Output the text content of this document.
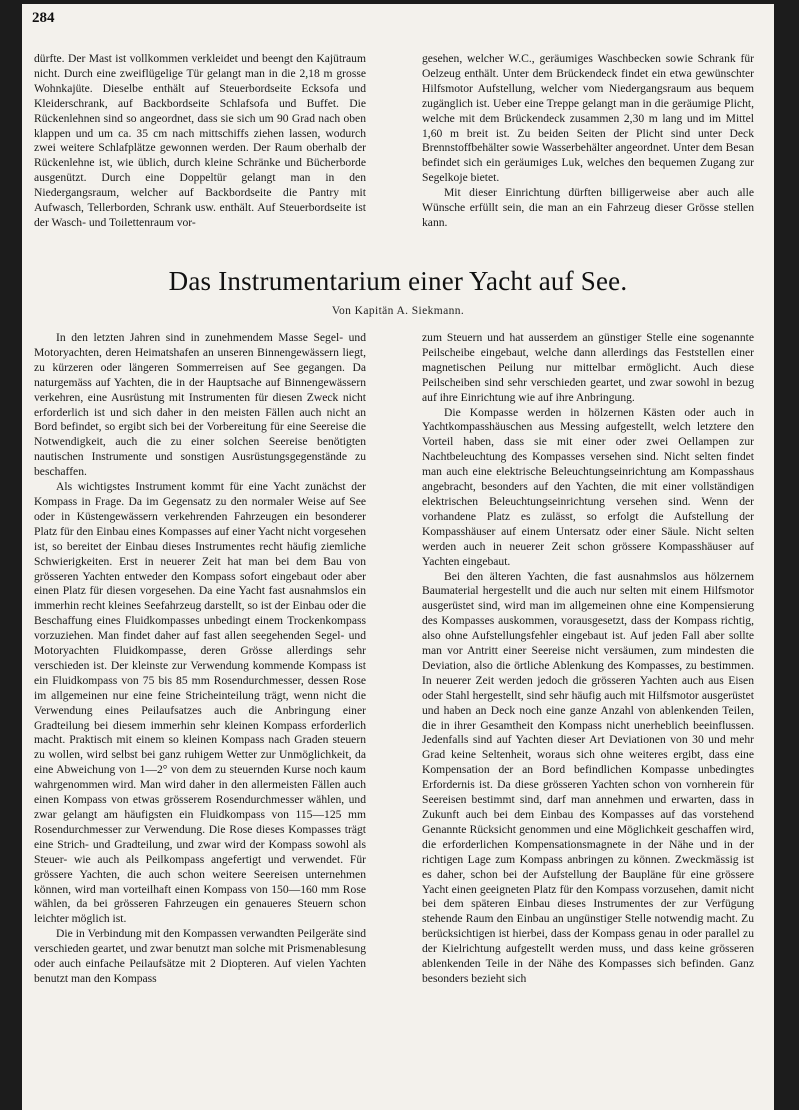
284

dürfte. Der Mast ist vollkommen verkleidet und beengt den Kajütraum nicht. Durch eine zweiflügelige Tür gelangt man in die 2,18 m grosse Wohnkajüte. Dieselbe enthält auf Steuerbordseite Ecksofa und Kleiderschrank, auf Backbordseite Schlafsofa und Buffet. Die Rückenlehnen sind so angeordnet, dass sie sich um 90 Grad nach oben klappen und um ca. 35 cm nach mittschiffs ziehen lassen, wodurch zwei weitere Schlafplätze gewonnen werden. Der Raum oberhalb der Rückenlehne ist, wie üblich, durch kleine Schränke und Bücherborde ausgenützt. Durch eine Doppeltür gelangt man in den Niedergangsraum, welcher auf Backbordseite die Pantry mit Aufwasch, Tellerborden, Schrank usw. enthält. Auf Steuerbordseite ist der Wasch- und Toilettenraum vor-

gesehen, welcher W.C., geräumiges Waschbecken sowie Schrank für Oelzeug enthält. Unter dem Brückendeck findet ein etwa gewünschter Hilfsmotor Aufstellung, welcher vom Niedergangsraum aus bequem zugänglich ist. Ueber eine Treppe gelangt man in die geräumige Plicht, welche mit dem Brückendeck zusammen 2,30 m lang und im Mittel 1,60 m breit ist. Zu beiden Seiten der Plicht sind unter Deck Brennstoffbehälter sowie Wasserbehälter angeordnet. Unter dem Besan befindet sich ein geräumiges Luk, welches den bequemen Zugang zur Segelkoje bietet.

Mit dieser Einrichtung dürften billigerweise aber auch alle Wünsche erfüllt sein, die man an ein Fahrzeug dieser Grösse stellen kann.

Das Instrumentarium einer Yacht auf See.
Von Kapitän A. Siekmann.

In den letzten Jahren sind in zunehmendem Masse Segel- und Motoryachten, deren Heimatshafen an unseren Binnengewässern liegt, zu kürzeren oder längeren Sommerreisen auf See gegangen. Da naturgemäss auf Yachten, die in der Hauptsache auf Binnengewässern verkehren, eine Ausrüstung mit Instrumenten für diesen Zweck nicht erforderlich ist und sich daher in den meisten Fällen auch nicht an Bord befindet, so ergibt sich bei der Vorbereitung für eine Seereise die Notwendigkeit, auch die zu einer solchen Seereise benötigten nautischen Instrumente und sonstigen Ausrüstungsgegenstände zu beschaffen.

Als wichtigstes Instrument kommt für eine Yacht zunächst der Kompass in Frage. Da im Gegensatz zu den normaler Weise auf See oder in Küstengewässern verkehrenden Fahrzeugen ein besonderer Platz für den Einbau eines Kompasses auf einer Yacht nicht vorgesehen ist, so bereitet der Einbau dieses Instrumentes recht häufig ziemliche Schwierigkeiten. Erst in neuerer Zeit hat man bei dem Bau von grösseren Yachten entweder den Kompass sofort eingebaut oder aber einen Platz für diesen vorgesehen. Da eine Yacht fast ausnahmslos ein immerhin recht kleines Seefahrzeug darstellt, so ist der Einbau oder die Beschaffung eines Fluidkompasses unbedingt einem Trockenkompass vorzuziehen. Man findet daher auf fast allen seegehenden Segel- und Motoryachten Fluidkompasse, deren Grösse allerdings sehr verschieden ist. Der kleinste zur Verwendung kommende Kompass ist ein Fluidkompass von 75 bis 85 mm Rosendurchmesser, dessen Rose im allgemeinen nur eine feine Stricheinteilung trägt, wenn nicht die Verwendung eines Peilaufsatzes auch die Anbringung einer Gradteilung bei diesem immerhin sehr kleinen Kompass erforderlich macht. Praktisch mit einem so kleinen Kompass nach Graden steuern zu wollen, wird selbst bei ganz ruhigem Wetter zur Unmöglichkeit, da eine Abweichung von 1—2° von dem zu steuernden Kurse noch kaum wahrgenommen wird. Man wird daher in den allermeisten Fällen auch einen Kompass von etwas grösserem Rosendurchmesser wählen, und zwar gelangt am häufigsten ein Fluidkompass von 115—125 mm Rosendurchmesser zur Verwendung. Die Rose dieses Kompasses trägt eine Strich- und Gradteilung, und zwar wird der Kompass sowohl als Steuer- wie auch als Peilkompass angefertigt und verwendet. Für grössere Yachten, die auch schon weitere Seereisen unternehmen können, wird man vorteilhaft einen Kompass von 150—160 mm Rose wählen, da bei grösseren Fahrzeugen ein genaueres Steuern schon leichter möglich ist.

Die in Verbindung mit den Kompassen verwandten Peilgeräte sind verschieden geartet, und zwar benutzt man solche mit Prismenablesung oder auch einfache Peilaufsätze mit 2 Diopteren. Auf vielen Yachten benutzt man den Kompass

zum Steuern und hat ausserdem an günstiger Stelle eine sogenannte Peilscheibe eingebaut, welche dann allerdings das Feststellen einer magnetischen Peilung nur mittelbar ermöglicht. Auch diese Peilscheiben sind sehr verschieden geartet, und zwar sowohl in bezug auf ihre Einrichtung wie auf ihre Anbringung.

Die Kompasse werden in hölzernen Kästen oder auch in Yachtkompasshäuschen aus Messing aufgestellt, welch letztere den Vorteil haben, dass sie mit einer oder zwei Oellampen zur Nachtbeleuchtung des Kompasses versehen sind. Nicht selten findet man auch eine elektrische Beleuchtungseinrichtung am Kompasshaus angebracht, besonders auf den Yachten, die mit einer vollständigen elektrischen Beleuchtungseinrichtung versehen sind. Wenn der vorhandene Platz es zulässt, so erfolgt die Aufstellung der Kompasshäuser auf einem Untersatz oder einer Säule. Nicht selten werden auch in neuerer Zeit schon grössere Kompasshäuser auf Yachten eingebaut.

Bei den älteren Yachten, die fast ausnahmslos aus hölzernem Baumaterial hergestellt und die auch nur selten mit einem Hilfsmotor ausgerüstet sind, wird man im allgemeinen ohne eine Kompensierung des Kompasses auskommen, vorausgesetzt, dass der Kompass richtig, also ohne Aufstellungsfehler eingebaut ist. Auf jeden Fall aber sollte man vor Antritt einer Seereise nicht versäumen, zum mindesten die Deviation, also die örtliche Ablenkung des Kompasses, zu bestimmen. In neuerer Zeit werden jedoch die grösseren Yachten auch aus Eisen oder Stahl hergestellt, sind sehr häufig auch mit Hilfsmotor ausgerüstet und haben an Deck noch eine ganze Anzahl von ablenkenden Teilen, die in ihrer Gesamtheit den Kompass nicht unerheblich beeinflussen. Jedenfalls sind auf Yachten dieser Art Deviationen von 30 und mehr Grad keine Seltenheit, woraus sich ohne weiteres ergibt, dass eine Kompensation der an Bord befindlichen Kompasse unbedingtes Erfordernis ist. Da diese grösseren Yachten schon von vornherein für Seereisen bestimmt sind, darf man annehmen und erwarten, dass in Zukunft auch bei dem Einbau des Kompasses auf das vorstehend Genannte Rücksicht genommen und eine Möglichkeit geschaffen wird, die erforderlichen Kompensationsmagnete in der Nähe und in der richtigen Lage zum Kompass anbringen zu können. Zweckmässig ist es daher, schon bei der Aufstellung der Baupläne für eine grössere Yacht einen geeigneten Platz für den Kompass vorzusehen, damit nicht bei dem späteren Einbau dieses Instrumentes der zur Verfügung stehende Raum den Einbau an ungünstiger Stelle notwendig macht. Zu berücksichtigen ist hierbei, dass der Kompass genau in oder parallel zu der Kielrichtung aufgestellt werden muss, und dass keine grösseren ablenkenden Teile in der Nähe des Kompasses sich befinden. Ganz besonders bezieht sich
